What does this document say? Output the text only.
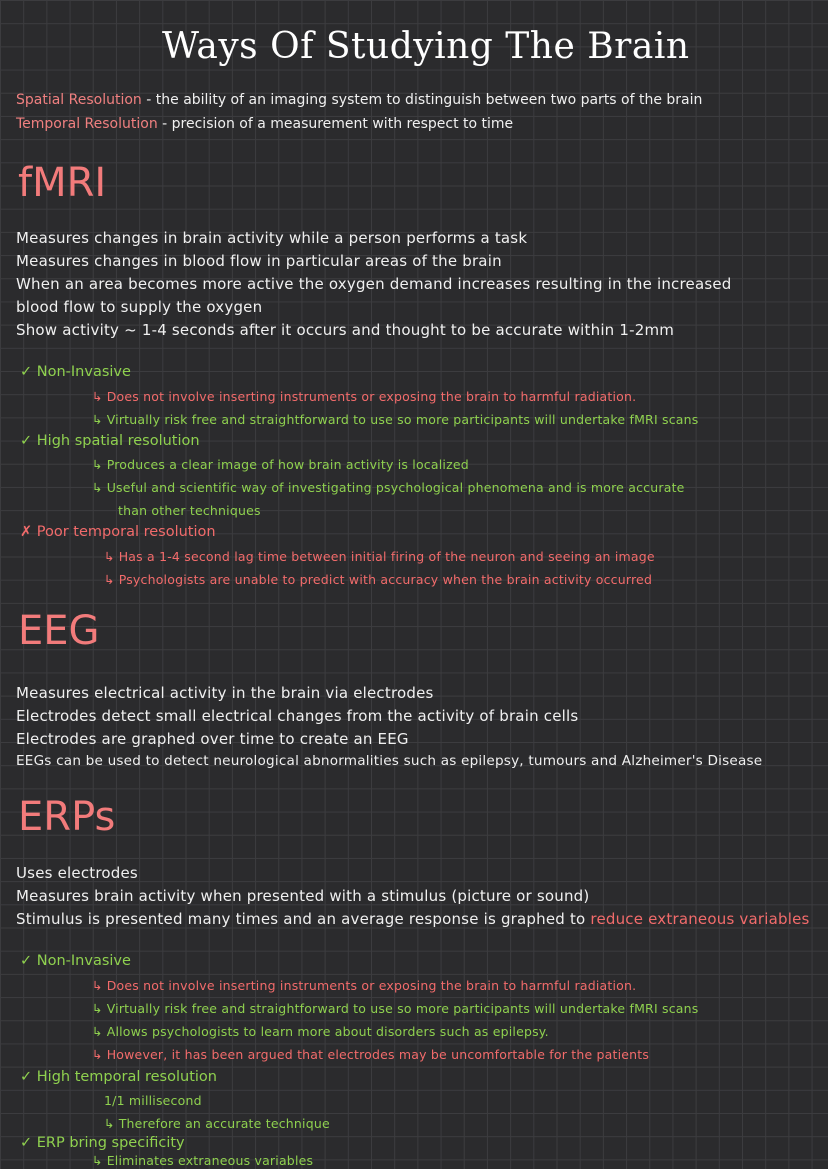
Ways Of Studying The Brain
Spatial Resolution - the ability of an imaging system to distinguish between two parts of the brain
Temporal Resolution - precision of a measurement with respect to time
fMRI
Measures changes in brain activity while a person performs a task
Measures changes in blood flow in particular areas of the brain
When an area becomes more active the oxygen demand increases resulting in the increased
blood flow to supply the oxygen
Show activity ~ 1-4 seconds after it occurs and thought to be accurate within 1-2mm
✓ Non-Invasive
↳ Does not involve inserting instruments or exposing the brain to harmful radiation.
↳ Virtually risk free and straightforward to use so more participants will undertake fMRI scans
✓ High spatial resolution
↳ Produces a clear image of how brain activity is localized
↳ Useful and scientific way of investigating psychological phenomena and is more accurate
than other techniques
✗ Poor temporal resolution
↳ Has a 1-4 second lag time between initial firing of the neuron and seeing an image
↳ Psychologists are unable to predict with accuracy when the brain activity occurred
EEG
Measures electrical activity in the brain via electrodes
Electrodes detect small electrical changes from the activity of brain cells
Electrodes are graphed over time to create an EEG
EEGs can be used to detect neurological abnormalities such as epilepsy, tumours and Alzheimer's Disease
ERPs
Uses electrodes
Measures brain activity when presented with a stimulus (picture or sound)
Stimulus is presented many times and an average response is graphed to reduce extraneous variables
✓ Non-Invasive
↳ Does not involve inserting instruments or exposing the brain to harmful radiation.
↳ Virtually risk free and straightforward to use so more participants will undertake fMRI scans
↳ Allows psychologists to learn more about disorders such as epilepsy.
↳ However, it has been argued that electrodes may be uncomfortable for the patients
✓ High temporal resolution
1/1 millisecond
↳ Therefore an accurate technique
✓ ERP bring specificity
↳ Eliminates extraneous variables
